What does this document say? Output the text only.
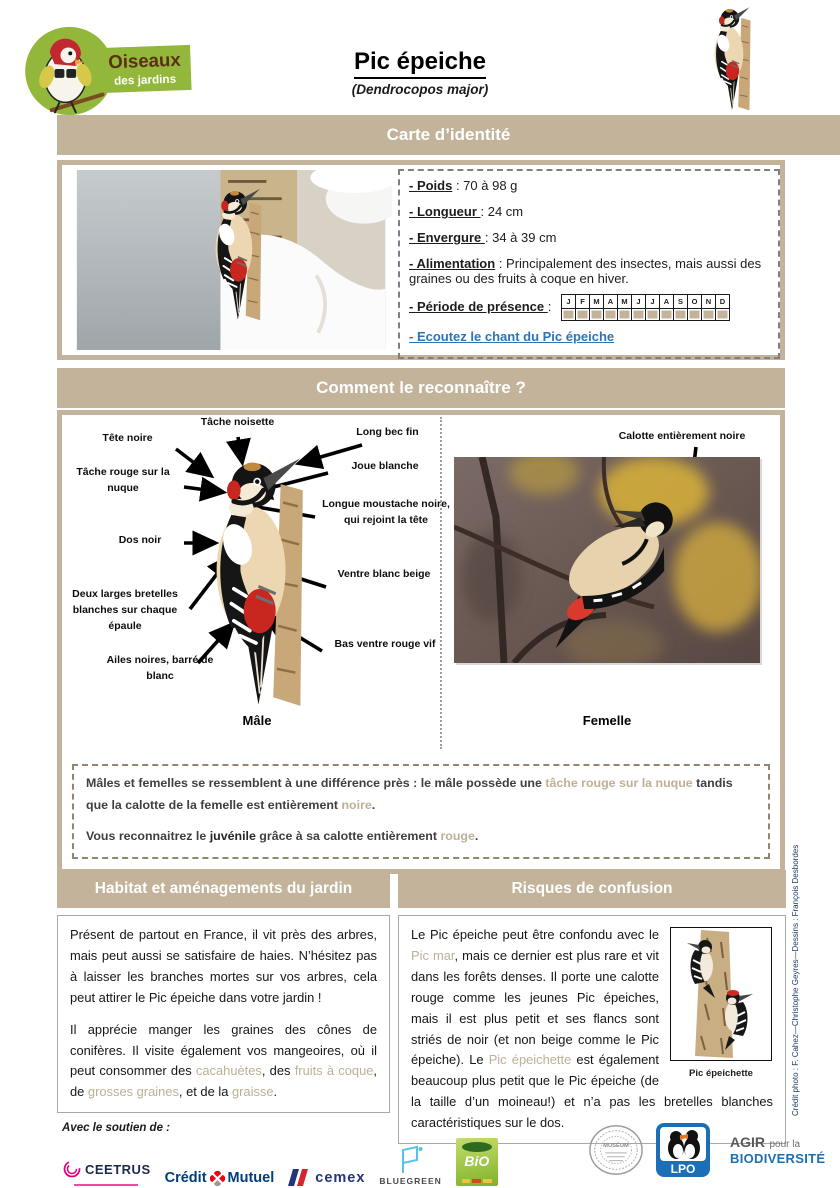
Oiseaux
des jardins
Pic épeiche
(Dendrocopos major)
Carte d’identité
- Poids : 70 à 98 g
- Longueur : 24 cm
- Envergure : 34 à 39 cm
- Alimentation : Principalement des insectes, mais aussi des graines ou des fruits à coque en hiver.
- Période de présence :	J	F	M	A	M	J	J	A	S	O	N	D
- Ecoutez le chant du Pic épeiche
Comment le reconnaître ?
Tâche noisette
Tête noire	Long bec fin
Tâche rouge sur la nuque
Joue blanche
Longue moustache noire, qui rejoint la tête
Dos noir
Ventre blanc beige
Deux larges bretelles blanches sur chaque épaule
Bas ventre rouge vif
Ailes noires, barré de blanc
Mâle
Calotte entièrement noire
Femelle

Mâles et femelles se ressemblent à une différence près : le mâle possède une tâche rouge sur la nuque tandis que la calotte de la femelle est entièrement noire.

Vous reconnaitrez le juvénile grâce à sa calotte entièrement rouge.

Habitat et aménagements du jardin

Présent de partout en France, il vit près des arbres, mais peut aussi se satisfaire de haies. N’hésitez pas à laisser les branches mortes sur vos arbres, cela peut attirer le Pic épeiche dans votre jardin !

Il apprécie manger les graines des cônes de conifères. Il visite également vos mangeoires, où il peut consommer des cacahuètes, des fruits à coque, de grosses graines, et de la graisse.

Risques de confusion
Pic épeichette

Le Pic épeiche peut être confondu avec le Pic mar, mais ce dernier est plus rare et vit dans les forêts denses. Il porte une calotte rouge comme les jeunes Pic épeiches, mais il est plus petit et ses flancs sont striés de noir (et non beige comme le Pic épeiche). Le Pic épeichette est également beaucoup plus petit que le Pic épeiche (de la taille d’un moineau!) et n’a pas les bretelles blanches caractéristiques sur le dos.

Avec le soutien de :
CEETRUS
Crédit Mutuel	cemex BLUEGREEN
BiO
MUSÉUM
LPO
AGIR pour la
BIODIVERSITÉ
Crédit photo : F. Cahez—Christophe Geyres—Dessins : François Desbordes
